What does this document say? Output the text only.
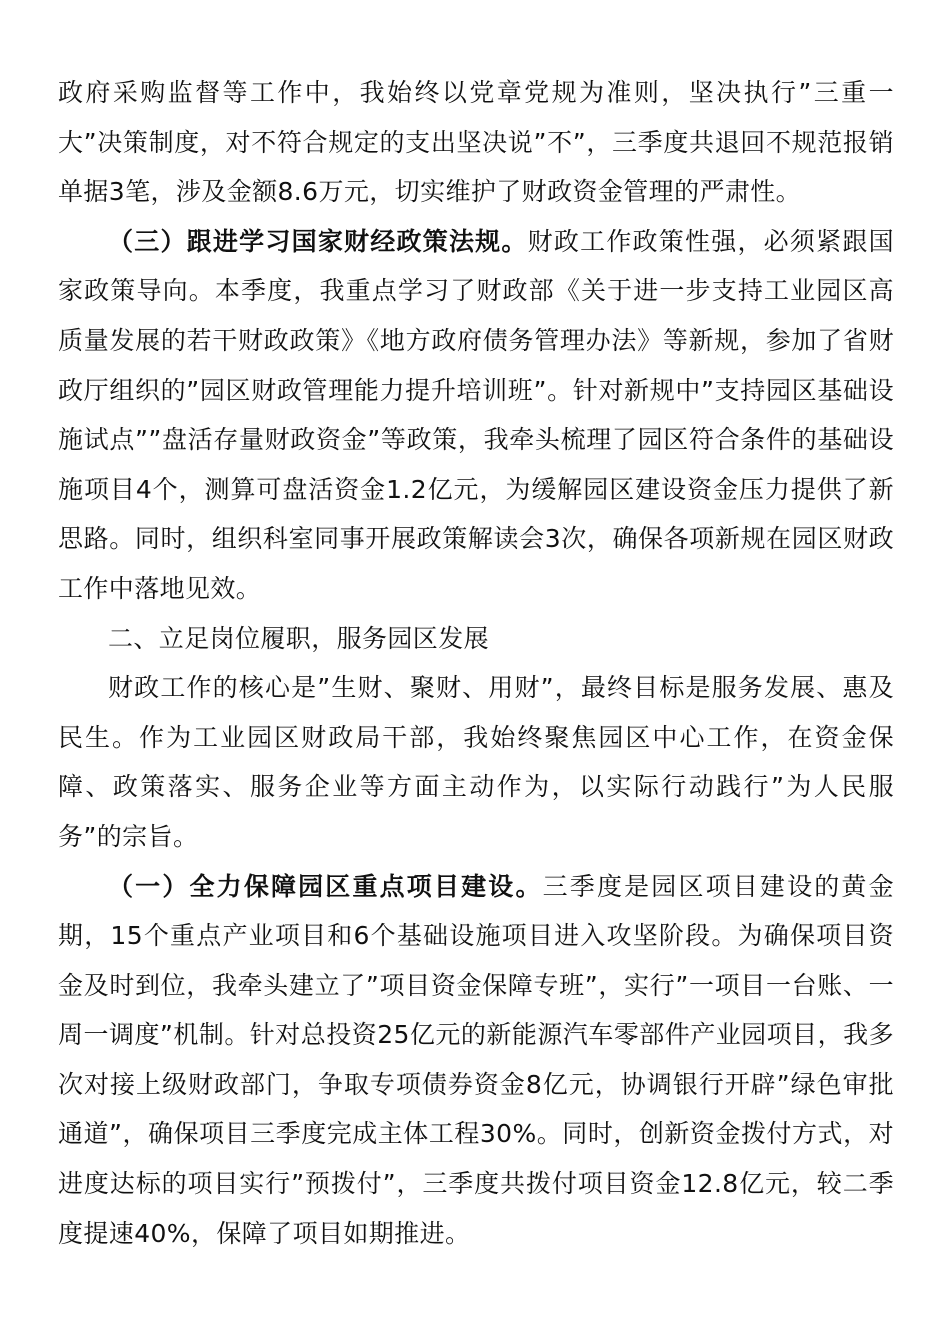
政府采购监督等工作中，我始终以党章党规为准则，坚决执行”三重一大”决策制度，对不符合规定的支出坚决说”不”，三季度共退回不规范报销单据3笔，涉及金额8.6万元，切实维护了财政资金管理的严肃性。

（三）跟进学习国家财经政策法规。财政工作政策性强，必须紧跟国家政策导向。本季度，我重点学习了财政部《关于进一步支持工业园区高质量发展的若干财政政策》《地方政府债务管理办法》等新规，参加了省财政厅组织的”园区财政管理能力提升培训班”。针对新规中”支持园区基础设施试点””盘活存量财政资金”等政策，我牵头梳理了园区符合条件的基础设施项目4个，测算可盘活资金1.2亿元，为缓解园区建设资金压力提供了新思路。同时，组织科室同事开展政策解读会3次，确保各项新规在园区财政工作中落地见效。

二、立足岗位履职，服务园区发展

财政工作的核心是”生财、聚财、用财”，最终目标是服务发展、惠及民生。作为工业园区财政局干部，我始终聚焦园区中心工作，在资金保障、政策落实、服务企业等方面主动作为，以实际行动践行”为人民服务”的宗旨。

（一）全力保障园区重点项目建设。三季度是园区项目建设的黄金期，15个重点产业项目和6个基础设施项目进入攻坚阶段。为确保项目资金及时到位，我牵头建立了”项目资金保障专班”，实行”一项目一台账、一周一调度”机制。针对总投资25亿元的新能源汽车零部件产业园项目，我多次对接上级财政部门，争取专项债券资金8亿元，协调银行开辟”绿色审批通道”，确保项目三季度完成主体工程30%。同时，创新资金拨付方式，对进度达标的项目实行”预拨付”，三季度共拨付项目资金12.8亿元，较二季度提速40%，保障了项目如期推进。
